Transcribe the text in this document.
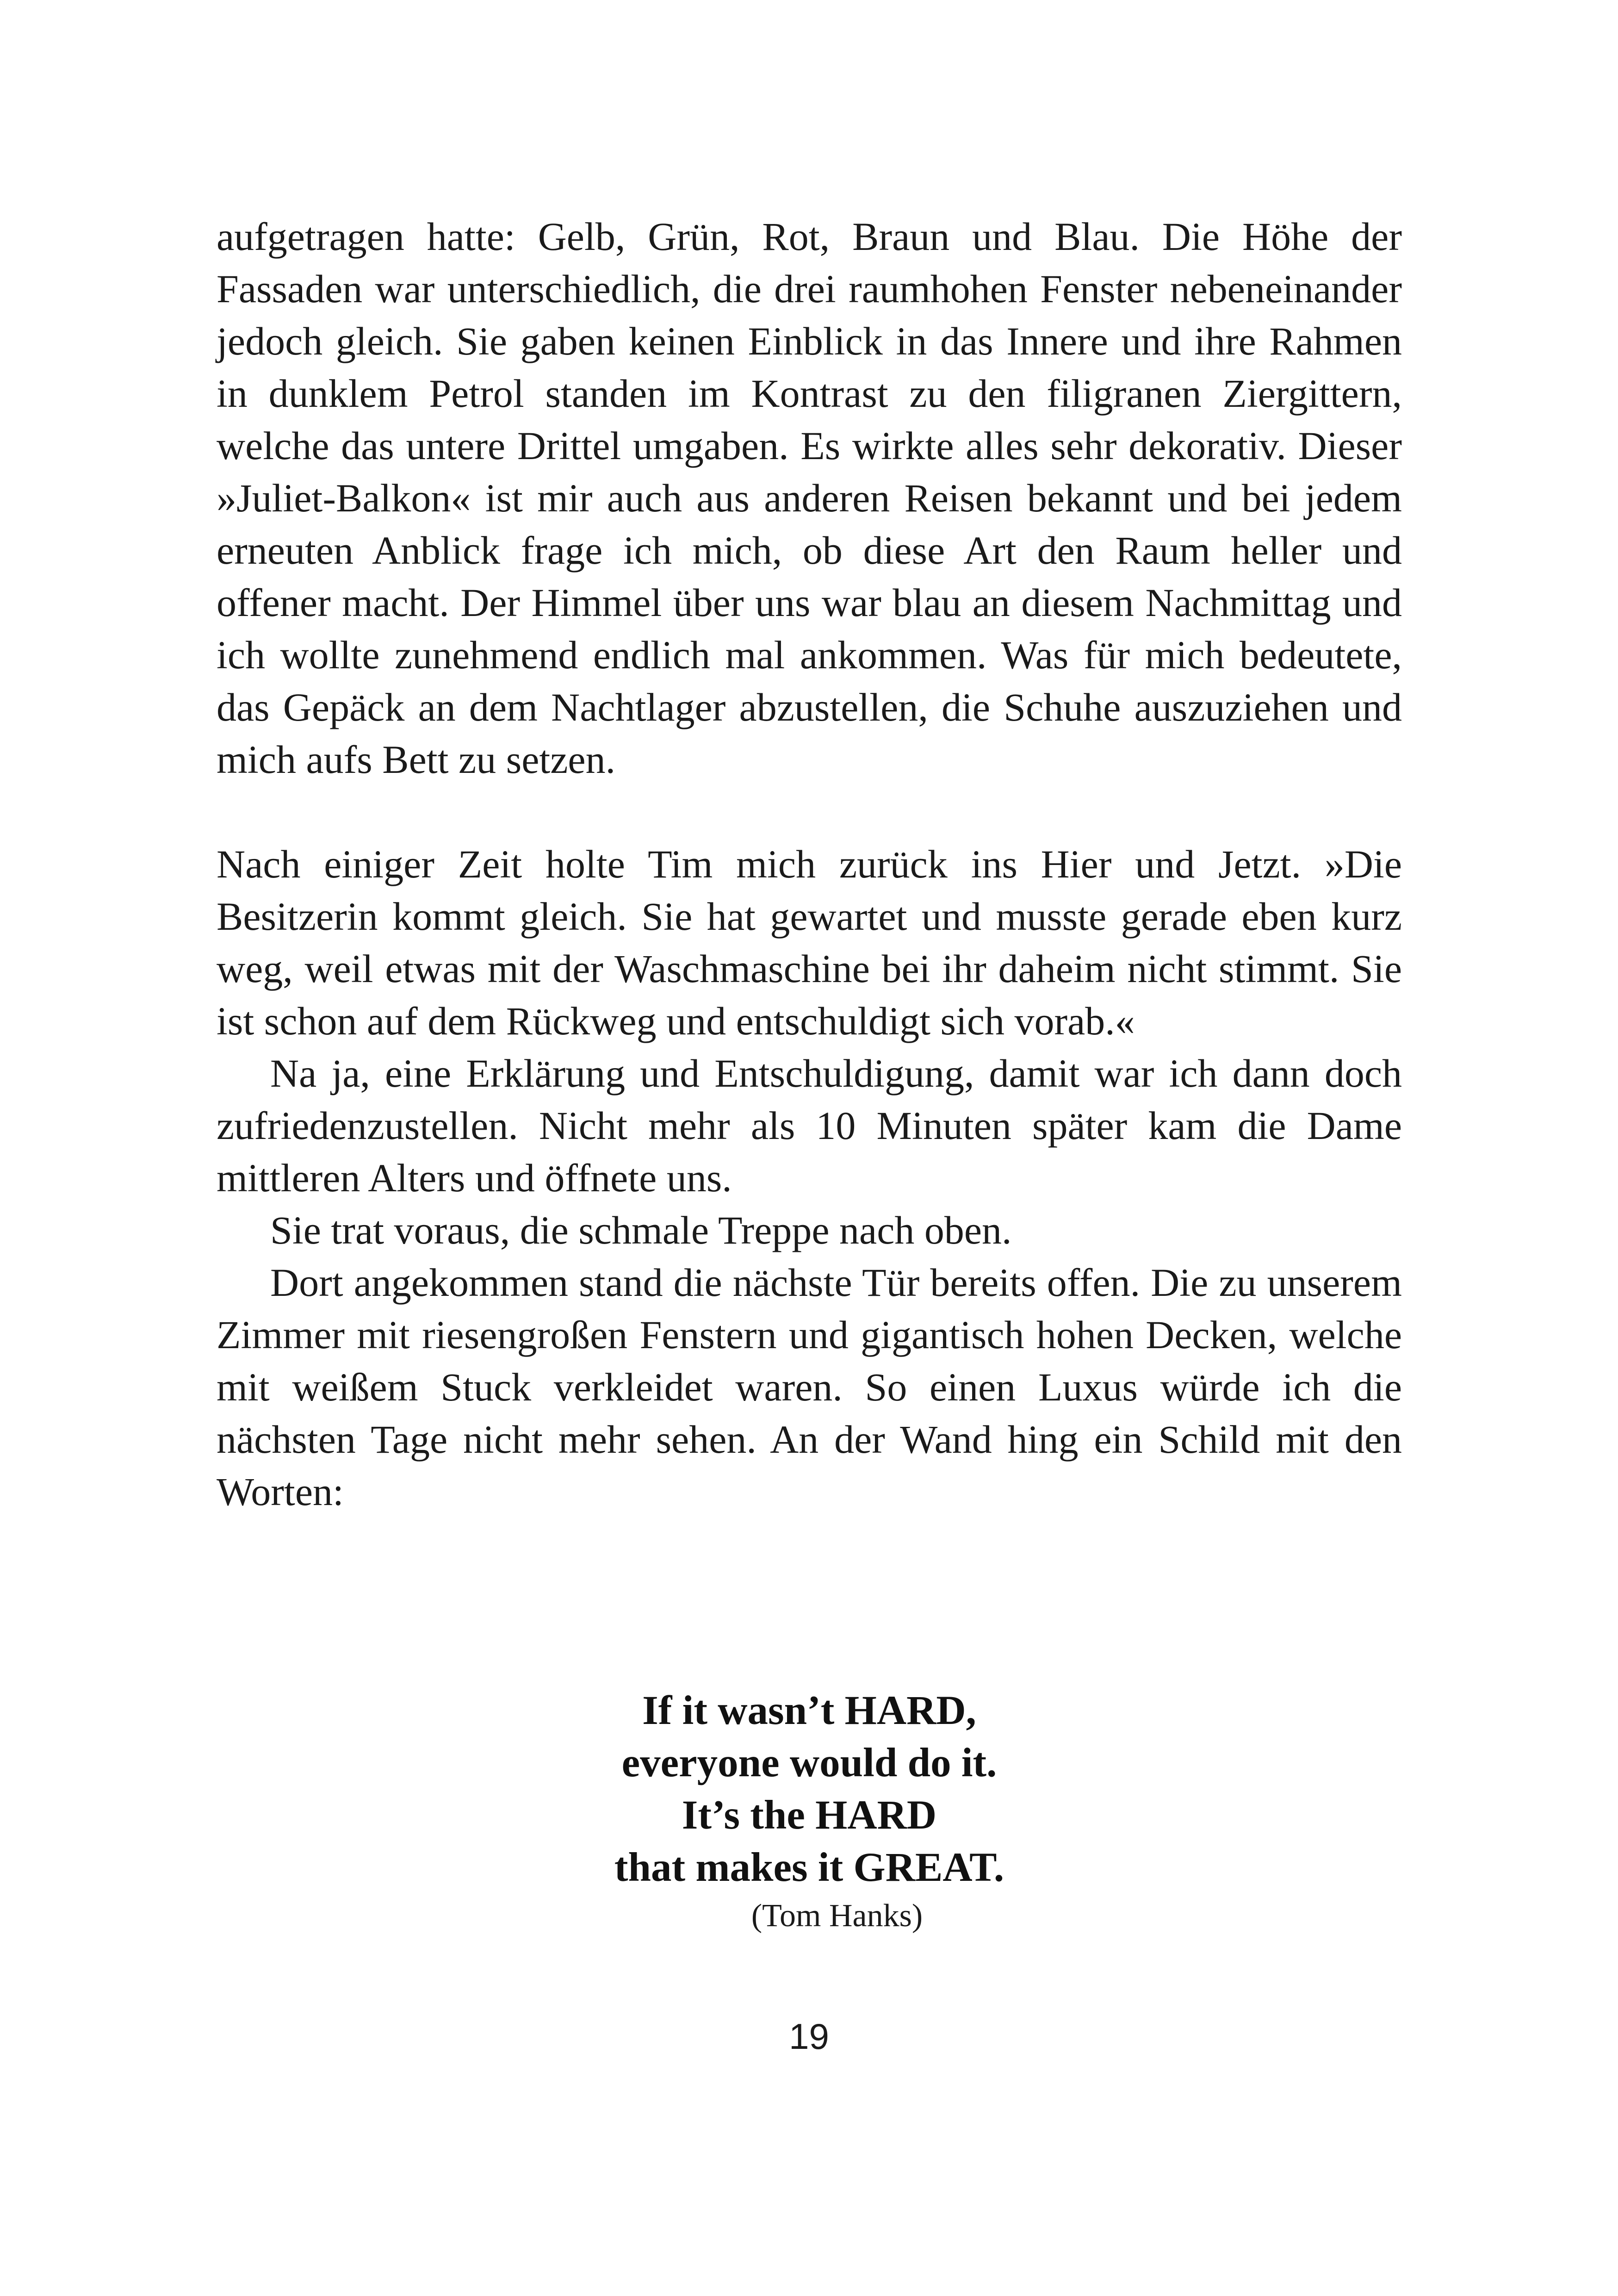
aufgetragen hatte: Gelb, Grün, Rot, Braun und Blau. Die Höhe der Fassaden war unterschiedlich, die drei raumhohen Fenster nebeneinander jedoch gleich. Sie gaben keinen Einblick in das Innere und ihre Rahmen in dunklem Petrol standen im Kontrast zu den filigranen Ziergittern, welche das untere Drittel umgaben. Es wirkte alles sehr dekorativ. Dieser »Juliet-Balkon« ist mir auch aus anderen Reisen bekannt und bei jedem erneuten Anblick frage ich mich, ob diese Art den Raum heller und offener macht. Der Himmel über uns war blau an diesem Nachmittag und ich wollte zunehmend endlich mal ankommen. Was für mich bedeutete, das Gepäck an dem Nachtlager abzustellen, die Schuhe auszuziehen und mich aufs Bett zu setzen.

Nach einiger Zeit holte Tim mich zurück ins Hier und Jetzt. »Die Besitzerin kommt gleich. Sie hat gewartet und musste gerade eben kurz weg, weil etwas mit der Waschmaschine bei ihr daheim nicht stimmt. Sie ist schon auf dem Rückweg und entschuldigt sich vorab.«

Na ja, eine Erklärung und Entschuldigung, damit war ich dann doch zufriedenzustellen. Nicht mehr als 10 Minuten später kam die Dame mittleren Alters und öffnete uns.

Sie trat voraus, die schmale Treppe nach oben.

Dort angekommen stand die nächste Tür bereits offen. Die zu unserem Zimmer mit riesengroßen Fenstern und gigantisch hohen Decken, welche mit weißem Stuck verkleidet waren. So einen Luxus würde ich die nächsten Tage nicht mehr sehen. An der Wand hing ein Schild mit den Worten:

If it wasn’t HARD,

everyone would do it.

It’s the HARD

that makes it GREAT.

(Tom Hanks)

19
